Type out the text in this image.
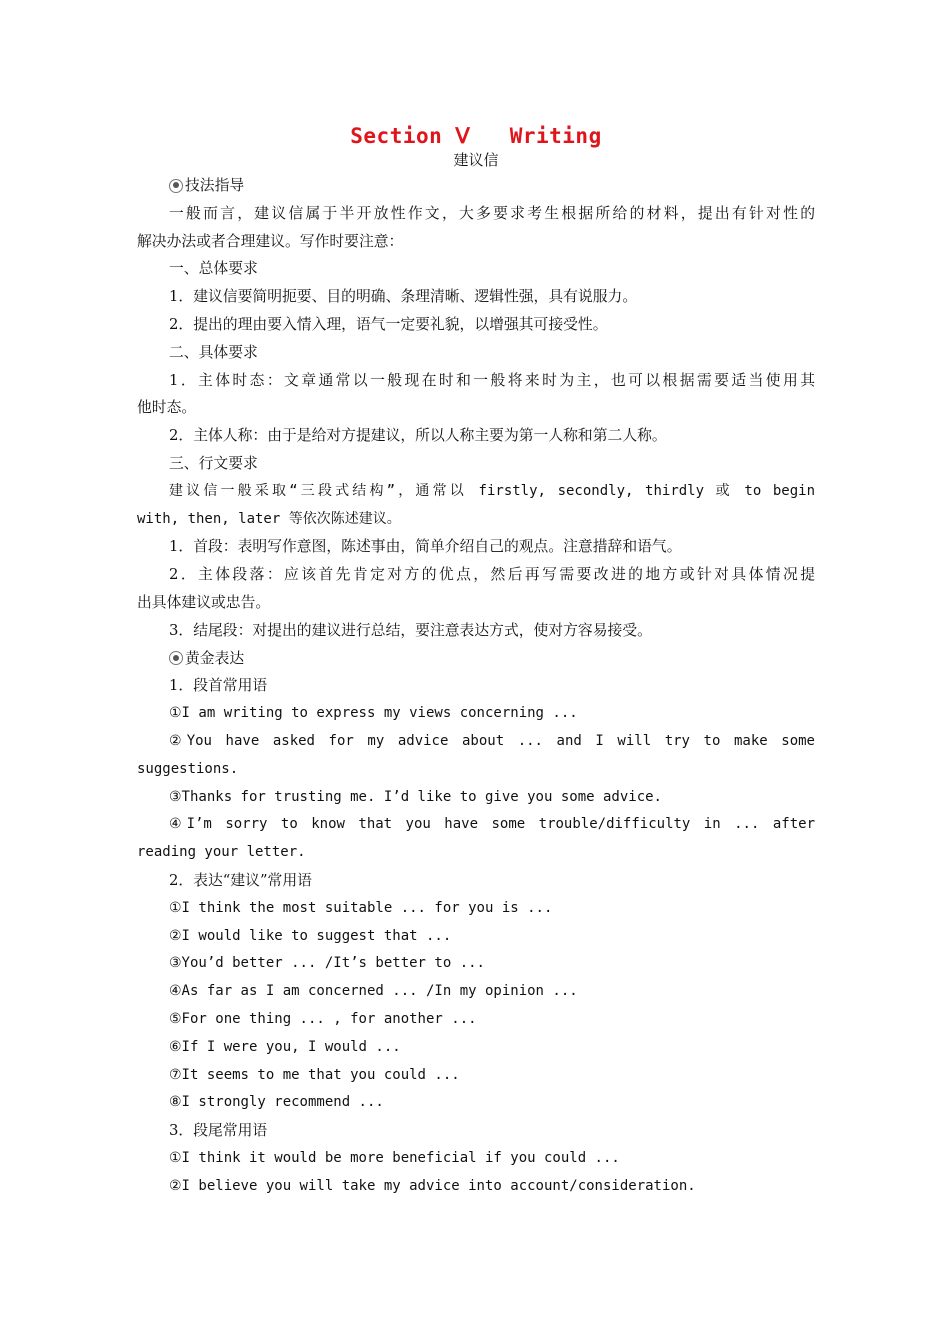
Section Ⅴ Writing
建议信
技法指导
一般而言，建议信属于半开放性作文，大多要求考生根据所给的材料，提出有针对性的
解决办法或者合理建议。写作时要注意：
一、总体要求
1．建议信要简明扼要、目的明确、条理清晰、逻辑性强，具有说服力。
2．提出的理由要入情入理，语气一定要礼貌，以增强其可接受性。
二、具体要求
1．主体时态：文章通常以一般现在时和一般将来时为主，也可以根据需要适当使用其
他时态。
2．主体人称：由于是给对方提建议，所以人称主要为第一人称和第二人称。
三、行文要求
建议信一般采取“三段式结构”，通常以 firstly, secondly, thirdly 或 to begin
with, then, later 等依次陈述建议。
1．首段：表明写作意图，陈述事由，简单介绍自己的观点。注意措辞和语气。
2．主体段落：应该首先肯定对方的优点，然后再写需要改进的地方或针对具体情况提
出具体建议或忠告。
3．结尾段：对提出的建议进行总结，要注意表达方式，使对方容易接受。
黄金表达
1．段首常用语
①I am writing to express my views concerning ...
②You have asked for my advice about ... and I will try to make some
suggestions.
③Thanks for trusting me. I’d like to give you some advice.
④I’m sorry to know that you have some trouble/difficulty in ... after
reading your letter.
2．表达“建议”常用语
①I think the most suitable ... for you is ...
②I would like to suggest that ...
③You’d better ... /It’s better to ...
④As far as I am concerned ... /In my opinion ...
⑤For one thing ... , for another ...
⑥If I were you, I would ...
⑦It seems to me that you could ...
⑧I strongly recommend ...
3．段尾常用语
①I think it would be more beneficial if you could ...
②I believe you will take my advice into account/consideration.
